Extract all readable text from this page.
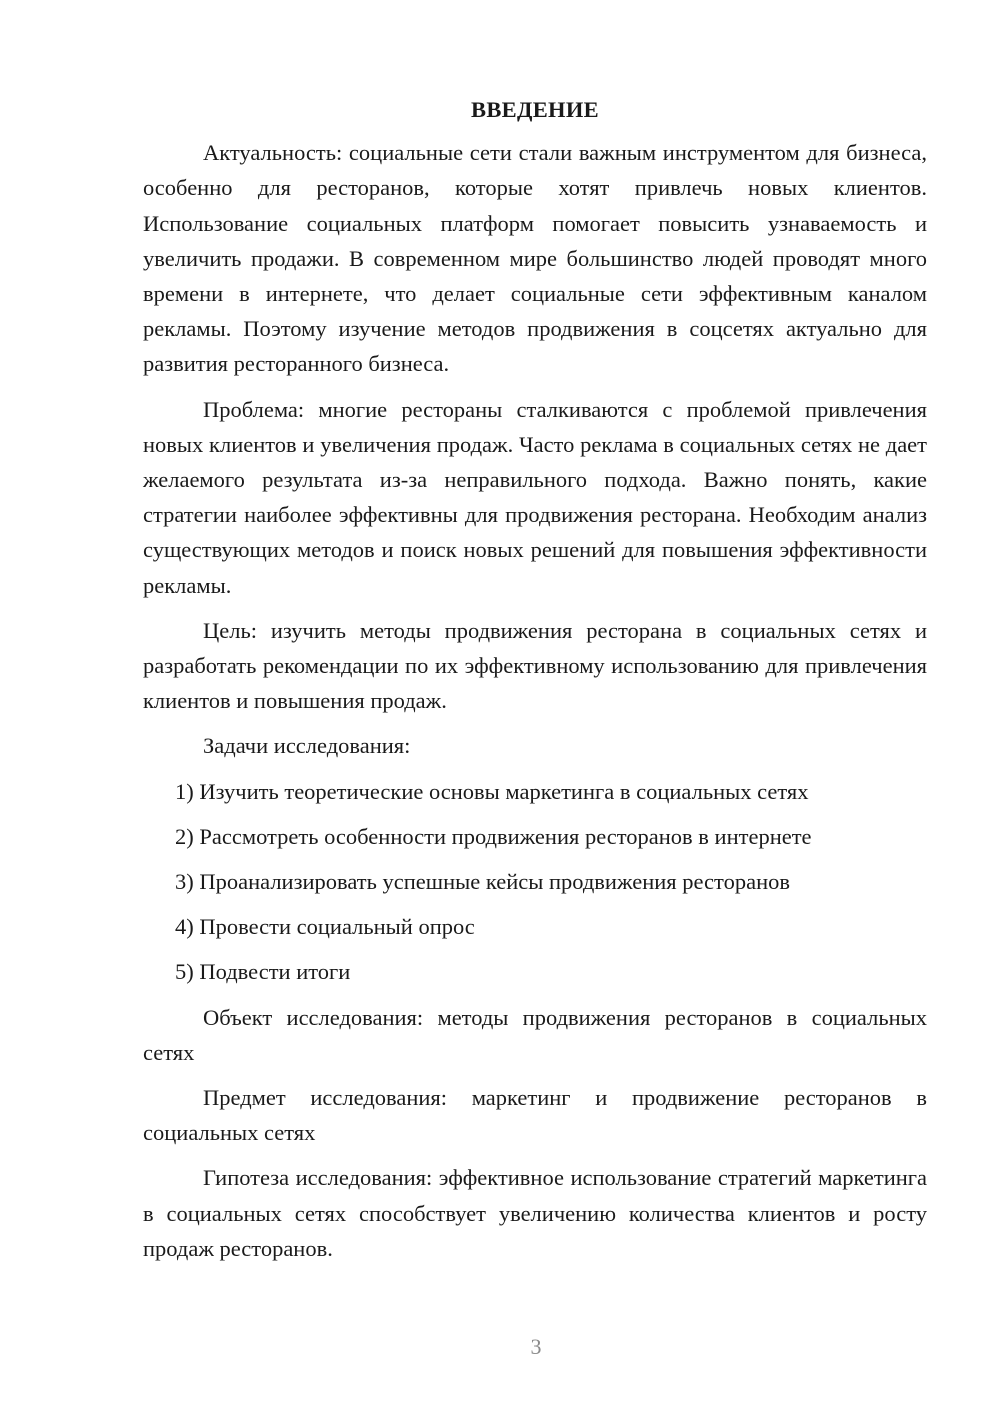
ВВЕДЕНИЕ
Актуальность: социальные сети стали важным инструментом для бизнеса, особенно для ресторанов, которые хотят привлечь новых клиентов. Использование социальных платформ помогает повысить узнаваемость и увеличить продажи. В современном мире большинство людей проводят много времени в интернете, что делает социальные сети эффективным каналом рекламы. Поэтому изучение методов продвижения в соцсетях актуально для развития ресторанного бизнеса.
Проблема: многие рестораны сталкиваются с проблемой привлечения новых клиентов и увеличения продаж. Часто реклама в социальных сетях не дает желаемого результата из-за неправильного подхода. Важно понять, какие стратегии наиболее эффективны для продвижения ресторана. Необходим анализ существующих методов и поиск новых решений для повышения эффективности рекламы.
Цель: изучить методы продвижения ресторана в социальных сетях и разработать рекомендации по их эффективному использованию для привлечения клиентов и повышения продаж.
Задачи исследования:
1) Изучить теоретические основы маркетинга в социальных сетях
2) Рассмотреть особенности продвижения ресторанов в интернете
3) Проанализировать успешные кейсы продвижения ресторанов
4) Провести социальный опрос
5) Подвести итоги
Объект исследования: методы продвижения ресторанов в социальных сетях
Предмет исследования: маркетинг и продвижение ресторанов в социальных сетях
Гипотеза исследования: эффективное использование стратегий маркетинга в социальных сетях способствует увеличению количества клиентов и росту продаж ресторанов.
3
